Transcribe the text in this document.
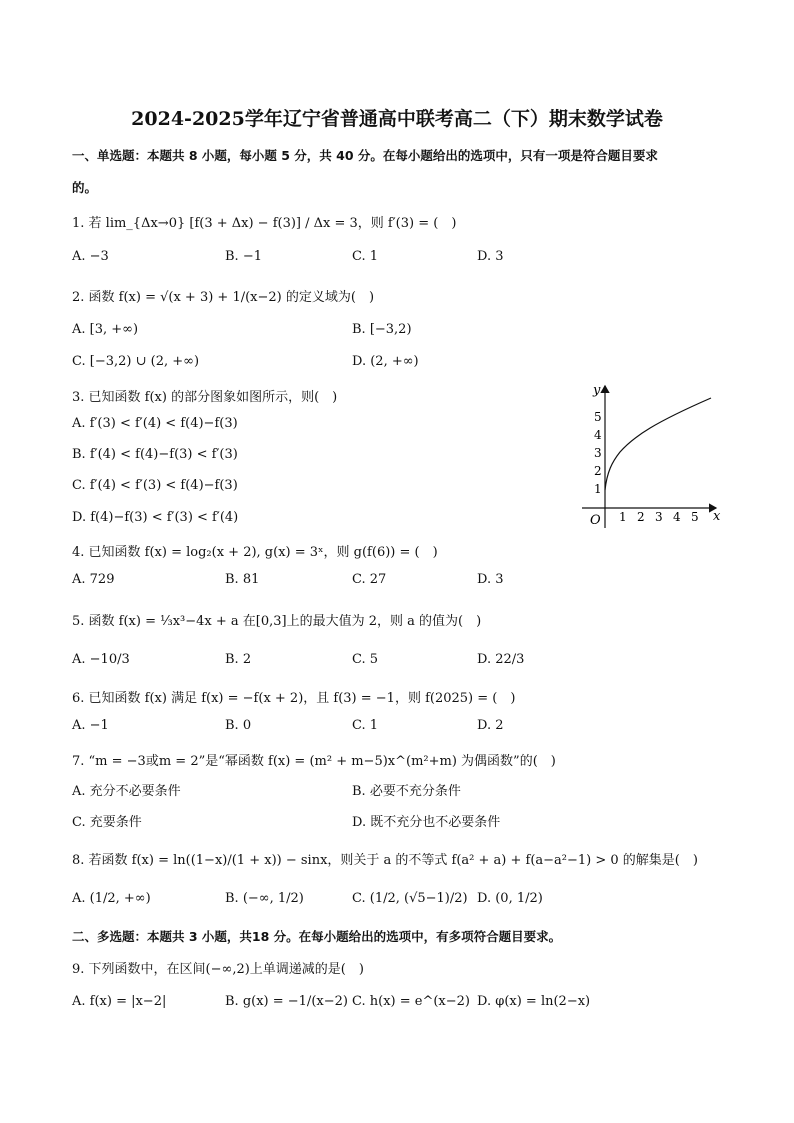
2024-2025学年辽宁省普通高中联考高二（下）期末数学试卷
一、单选题：本题共 8 小题，每小题 5 分，共 40 分。在每小题给出的选项中，只有一项是符合题目要求
的。
1. 若 lim_{Δx→0} [f(3 + Δx) − f(3)] / Δx = 3，则 f′(3) = (　)
A. −3	B. −1	C. 1	D. 3
2. 函数 f(x) = √(x + 3) + 1/(x−2) 的定义域为(　)
A. [3, +∞)	B. [−3,2)
C. [−3,2) ∪ (2, +∞)	D. (2, +∞)
3. 已知函数 f(x) 的部分图象如图所示，则(　)
A. f′(3) < f′(4) < f(4)−f(3)
B. f′(4) < f(4)−f(3) < f′(3)
C. f′(4) < f′(3) < f(4)−f(3)
D. f(4)−f(3) < f′(3) < f′(4)
y
x
O 1 2 3 4 5
1
2
3
4
5
4. 已知函数 f(x) = log₂(x + 2), g(x) = 3ˣ，则 g(f(6)) = (　)
A. 729	B. 81	C. 27	D. 3
5. 函数 f(x) = ⅓x³−4x + a 在[0,3]上的最大值为 2，则 a 的值为(　)
A. −10/3	B. 2	C. 5	D. 22/3
6. 已知函数 f(x) 满足 f(x) = −f(x + 2)，且 f(3) = −1，则 f(2025) = (　)
A. −1	B. 0	C. 1	D. 2
7. “m = −3或m = 2”是“幂函数 f(x) = (m² + m−5)x^(m²+m) 为偶函数”的(　)
A. 充分不必要条件	B. 必要不充分条件
C. 充要条件	D. 既不充分也不必要条件
8. 若函数 f(x) = ln((1−x)/(1 + x)) − sinx，则关于 a 的不等式 f(a² + a) + f(a−a²−1) > 0 的解集是(　)
A. (1/2, +∞)	B. (−∞, 1/2)	C. (1/2, (√5−1)/2) D. (0, 1/2)
二、多选题：本题共 3 小题，共18 分。在每小题给出的选项中，有多项符合题目要求。
9. 下列函数中，在区间(−∞,2)上单调递减的是(　)
A. f(x) = |x−2|	B. g(x) = −1/(x−2) C. h(x) = e^(x−2) D. φ(x) = ln(2−x)
